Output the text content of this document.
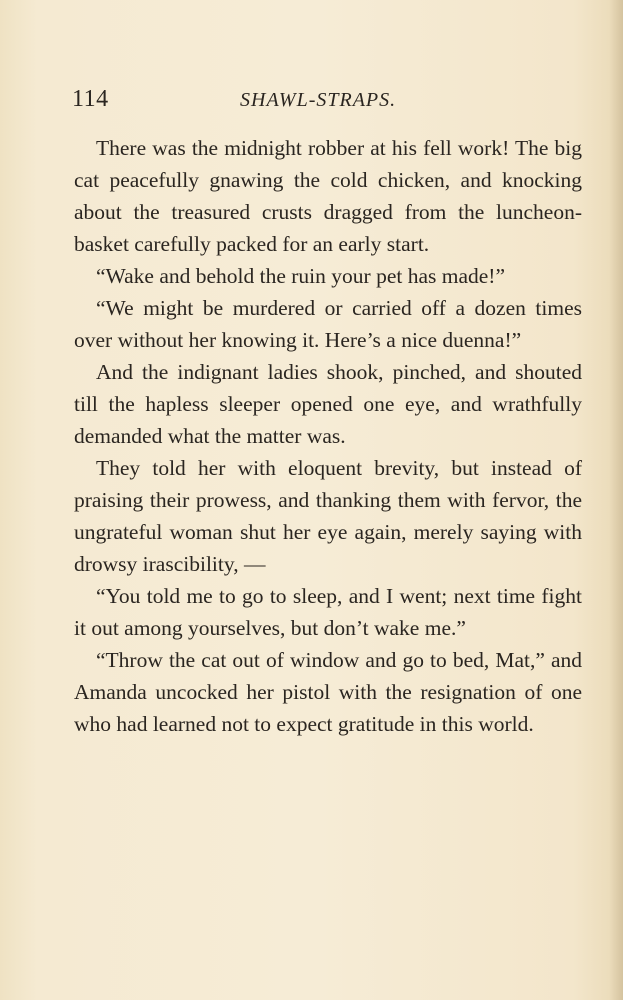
114	SHAWL-STRAPS.

There was the midnight robber at his fell work! The big cat peacefully gnawing the cold chicken, and knocking about the treasured crusts dragged from the luncheon-basket carefully packed for an early start.

“Wake and behold the ruin your pet has made!”

“We might be murdered or carried off a dozen times over without her knowing it. Here’s a nice duenna!”

And the indignant ladies shook, pinched, and shouted till the hapless sleeper opened one eye, and wrathfully demanded what the matter was.

They told her with eloquent brevity, but instead of praising their prowess, and thanking them with fervor, the ungrateful woman shut her eye again, merely saying with drowsy irascibility, —

“You told me to go to sleep, and I went; next time fight it out among yourselves, but don’t wake me.”

“Throw the cat out of window and go to bed, Mat,” and Amanda uncocked her pistol with the resignation of one who had learned not to expect gratitude in this world.
